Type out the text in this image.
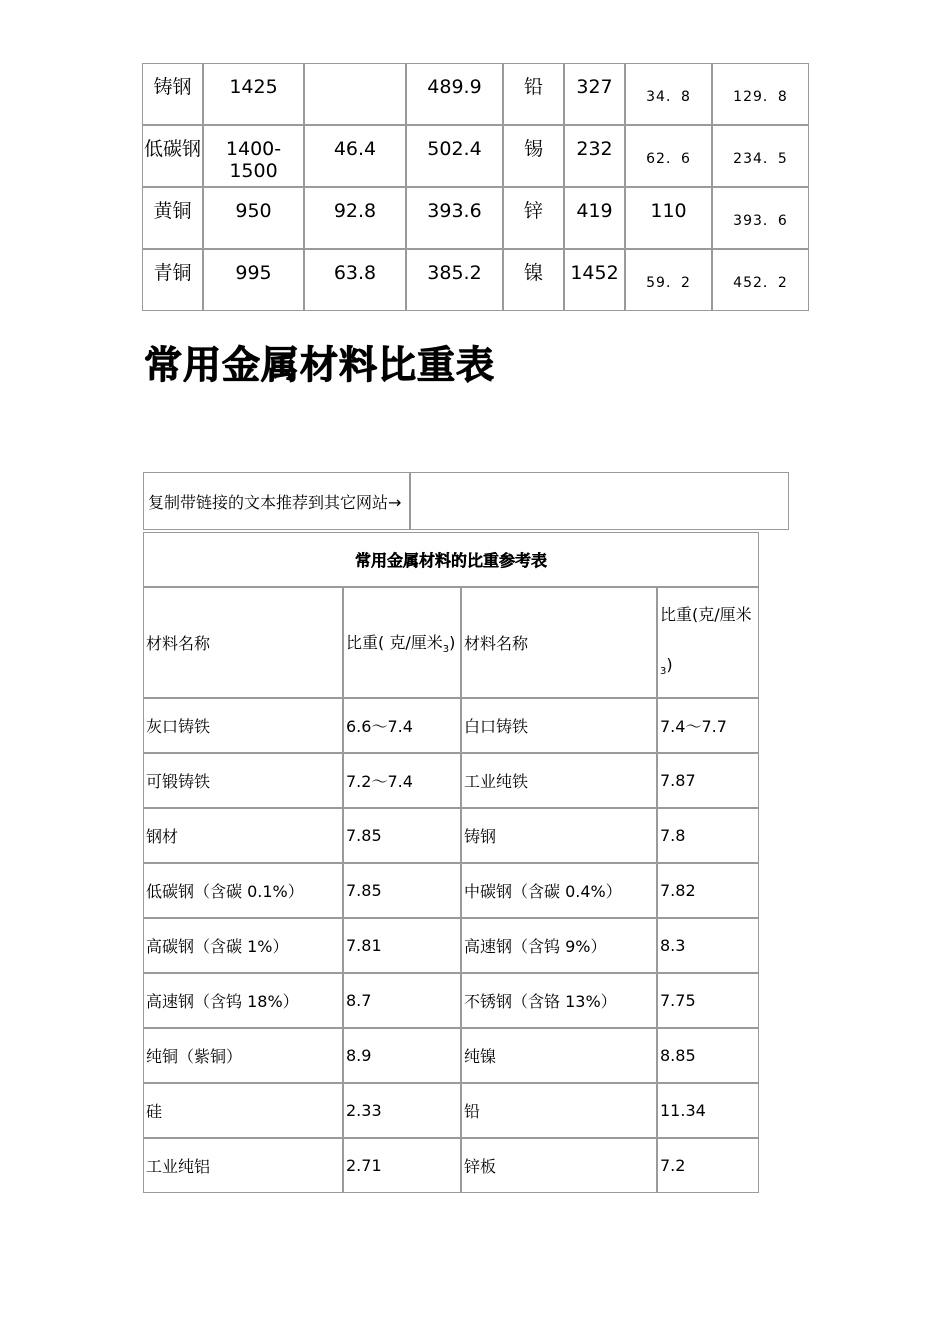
铸钢	1425		489.9	铅	327	34．8	129．8
低碳钢	1400-1500	46.4	502.4	锡	232	62．6	234．5
黄铜	950	92.8	393.6	锌	419	110	393．6
青铜	995	63.8	385.2	镍	1452	59．2	452．2
常用金属材料比重表
复制带链接的文本推荐到其它网站→	
常用金属材料的比重参考表			
材料名称	比重( 克/厘米$_3$)	材料名称	比重(克/厘米
$_3$)
灰口铸铁	6.6～7.4	白口铸铁	7.4～7.7
可锻铸铁	7.2～7.4	工业纯铁	7.87
钢材	7.85	铸钢	7.8
低碳钢（含碳 0.1%）	7.85	中碳钢（含碳 0.4%）	7.82
高碳钢（含碳 1%）	7.81	高速钢（含钨 9%）	8.3
高速钢（含钨 18%）	8.7	不锈钢（含铬 13%）	7.75
纯铜（紫铜）	8.9	纯镍	8.85
硅	2.33	铅	11.34
工业纯铝	2.71	锌板	7.2
